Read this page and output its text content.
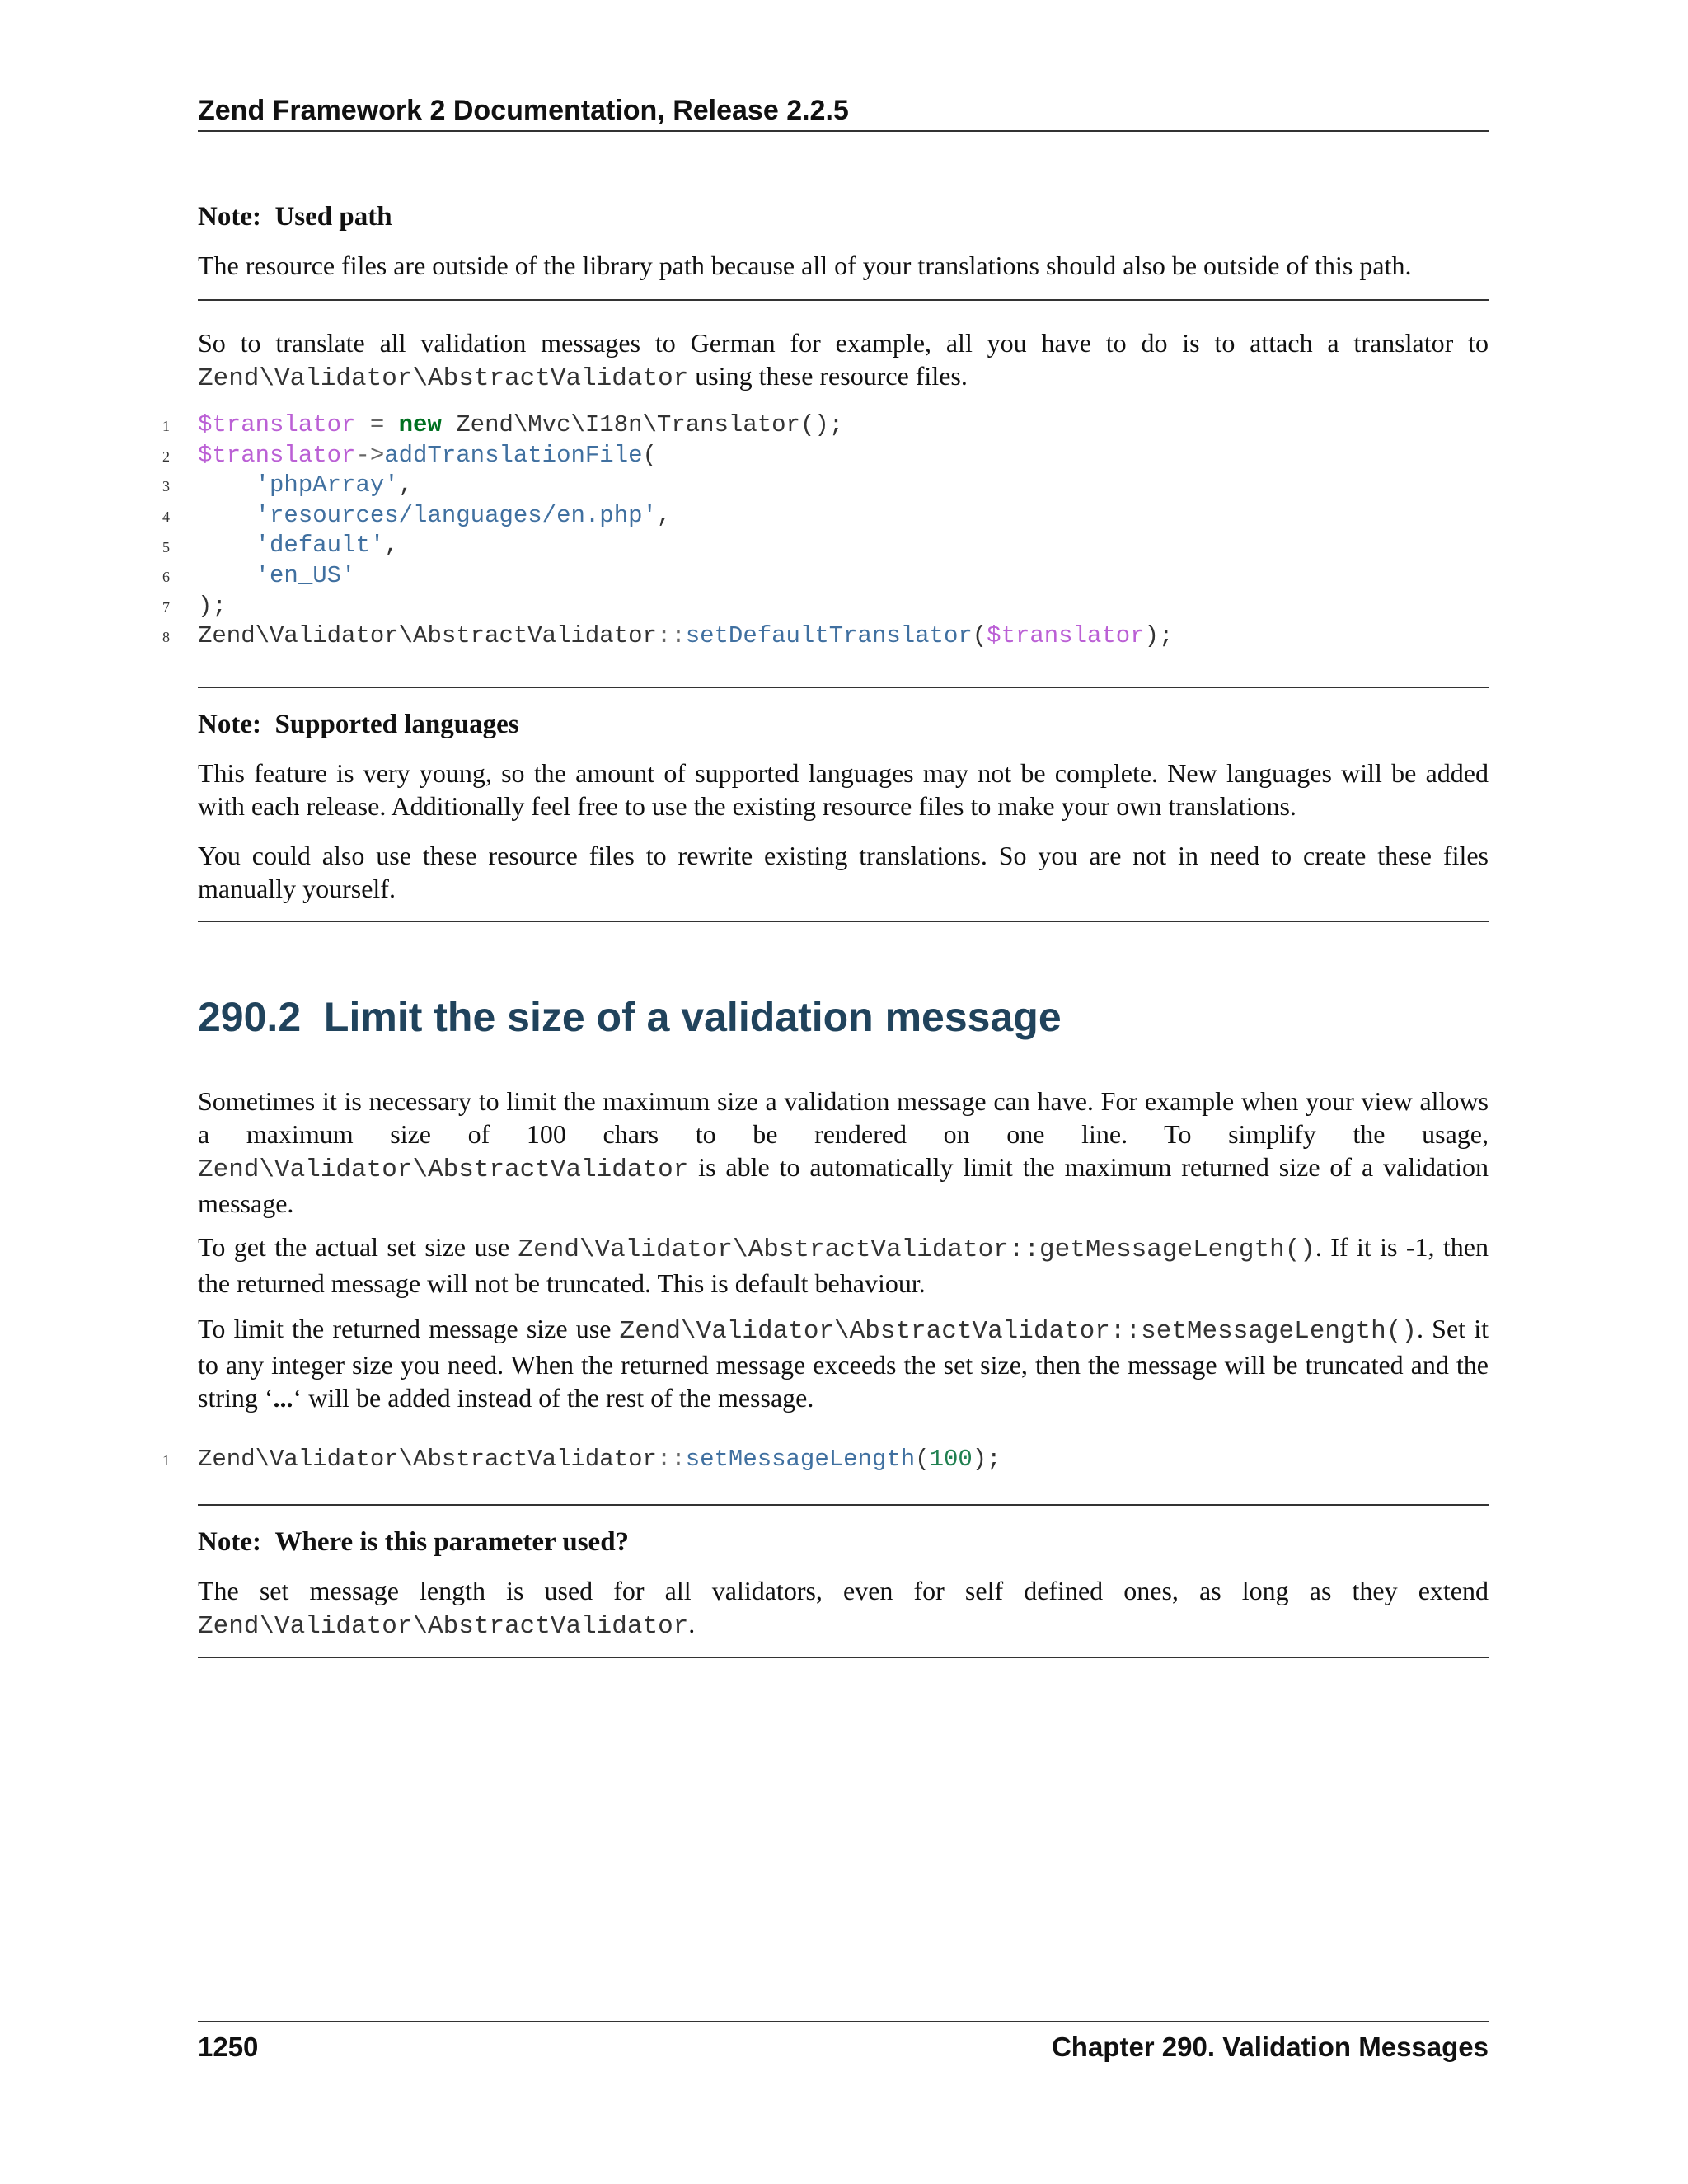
Zend Framework 2 Documentation, Release 2.2.5
Note: Used path
The resource files are outside of the library path because all of your translations should also be outside of this path.
So to translate all validation messages to German for example, all you have to do is to attach a translator to Zend\Validator\AbstractValidator using these resource files.
1
2
3
4
5
6
7
8
$translator = new Zend\Mvc\I18n\Translator();
$translator->addTranslationFile(
'phpArray',
'resources/languages/en.php',
'default',
'en_US'
);
Zend\Validator\AbstractValidator::setDefaultTranslator($translator);
Note: Supported languages
This feature is very young, so the amount of supported languages may not be complete. New languages will be added with each release. Additionally feel free to use the existing resource files to make your own translations.
You could also use these resource files to rewrite existing translations. So you are not in need to create these files manually yourself.
290.2 Limit the size of a validation message
Sometimes it is necessary to limit the maximum size a validation message can have. For example when your view allows a maximum size of 100 chars to be rendered on one line. To simplify the usage, Zend\Validator\AbstractValidator is able to automatically limit the maximum returned size of a validation message.
To get the actual set size use Zend\Validator\AbstractValidator::getMessageLength(). If it is -1, then the returned message will not be truncated. This is default behaviour.
To limit the returned message size use Zend\Validator\AbstractValidator::setMessageLength(). Set it to any integer size you need. When the returned message exceeds the set size, then the message will be truncated and the string ‘...‘ will be added instead of the rest of the message.
1 Zend\Validator\AbstractValidator::setMessageLength(100);
Note: Where is this parameter used?
The set message length is used for all validators, even for self defined ones, as long as they extend Zend\Validator\AbstractValidator.
1250	Chapter 290. Validation Messages
